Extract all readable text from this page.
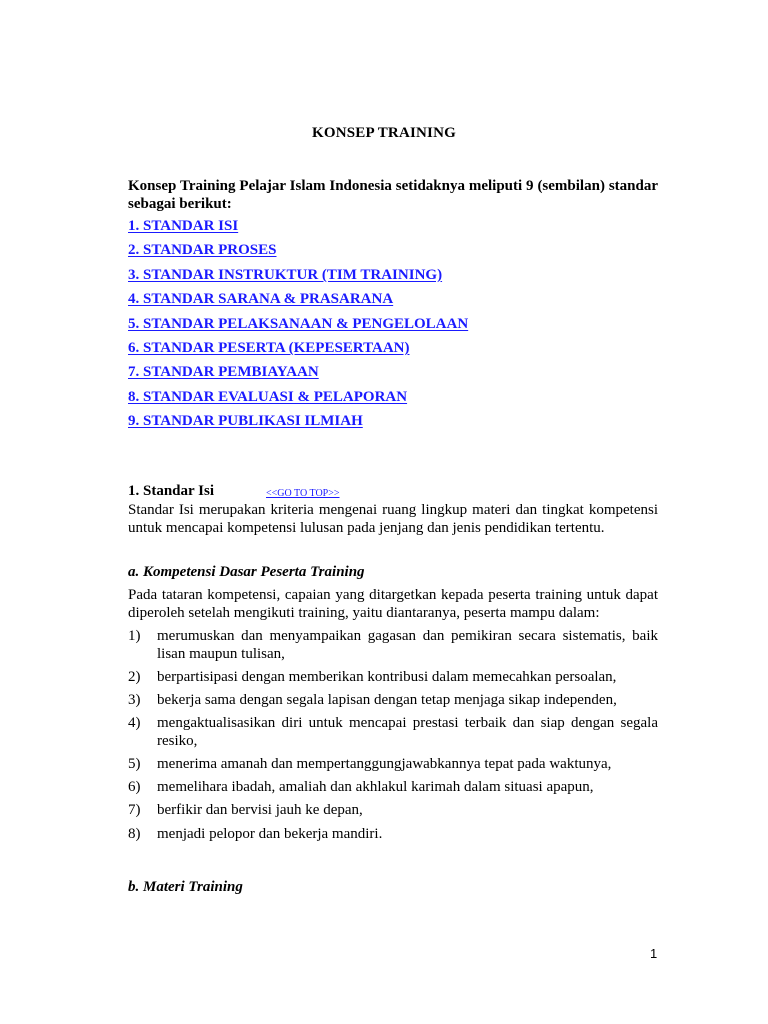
KONSEP TRAINING
Konsep Training Pelajar Islam Indonesia setidaknya meliputi 9 (sembilan) standar sebagai berikut:
1. STANDAR ISI
2. STANDAR PROSES
3. STANDAR INSTRUKTUR (TIM TRAINING)
4. STANDAR SARANA & PRASARANA
5. STANDAR PELAKSANAAN & PENGELOLAAN
6. STANDAR PESERTA (KEPESERTAAN)
7. STANDAR PEMBIAYAAN
8. STANDAR EVALUASI & PELAPORAN
9. STANDAR PUBLIKASI ILMIAH
1. Standar Isi	<<GO TO TOP>>
Standar Isi merupakan kriteria mengenai ruang lingkup materi dan tingkat kompetensi untuk mencapai kompetensi lulusan pada jenjang dan jenis pendidikan tertentu.
a. Kompetensi Dasar Peserta Training
Pada tataran kompetensi, capaian yang ditargetkan kepada peserta training untuk dapat diperoleh setelah mengikuti training, yaitu diantaranya, peserta mampu dalam:
1) merumuskan dan menyampaikan gagasan dan pemikiran secara sistematis, baik lisan maupun tulisan,
2) berpartisipasi dengan memberikan kontribusi dalam memecahkan persoalan,
3) bekerja sama dengan segala lapisan dengan tetap menjaga sikap independen,
4) mengaktualisasikan diri untuk mencapai prestasi terbaik dan siap dengan segala resiko,
5) menerima amanah dan mempertanggungjawabkannya tepat pada waktunya,
6) memelihara ibadah, amaliah dan akhlakul karimah dalam situasi apapun,
7) berfikir dan bervisi jauh ke depan,
8) menjadi pelopor dan bekerja mandiri.
b. Materi Training
1
